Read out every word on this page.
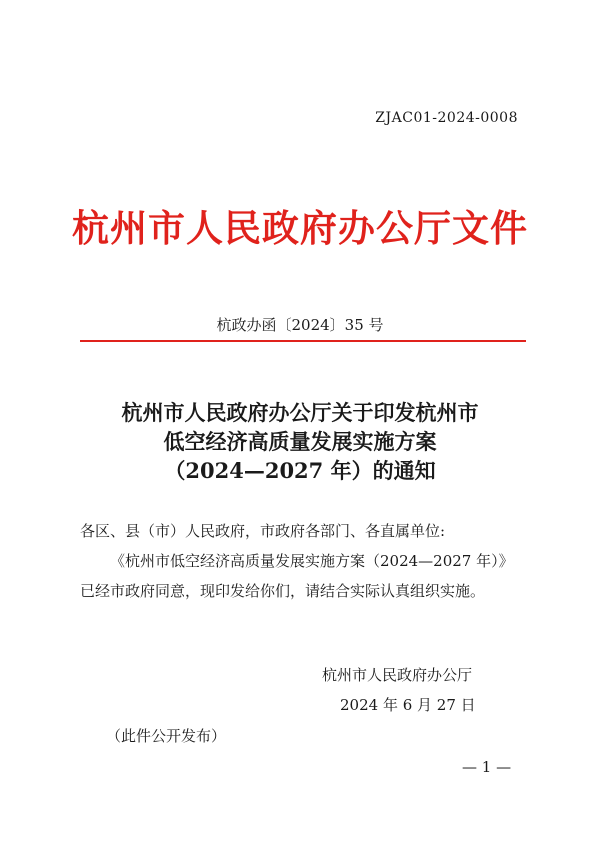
ZJAC01-2024-0008
杭州市人民政府办公厅文件
杭政办函〔2024〕35 号
杭州市人民政府办公厅关于印发杭州市
低空经济高质量发展实施方案
（2024—2027 年）的通知
各区、县（市）人民政府，市政府各部门、各直属单位:
《杭州市低空经济高质量发展实施方案（2024—2027 年）》
已经市政府同意，现印发给你们，请结合实际认真组织实施。
杭州市人民政府办公厅
2024 年 6 月 27 日
（此件公开发布）
— 1 —
